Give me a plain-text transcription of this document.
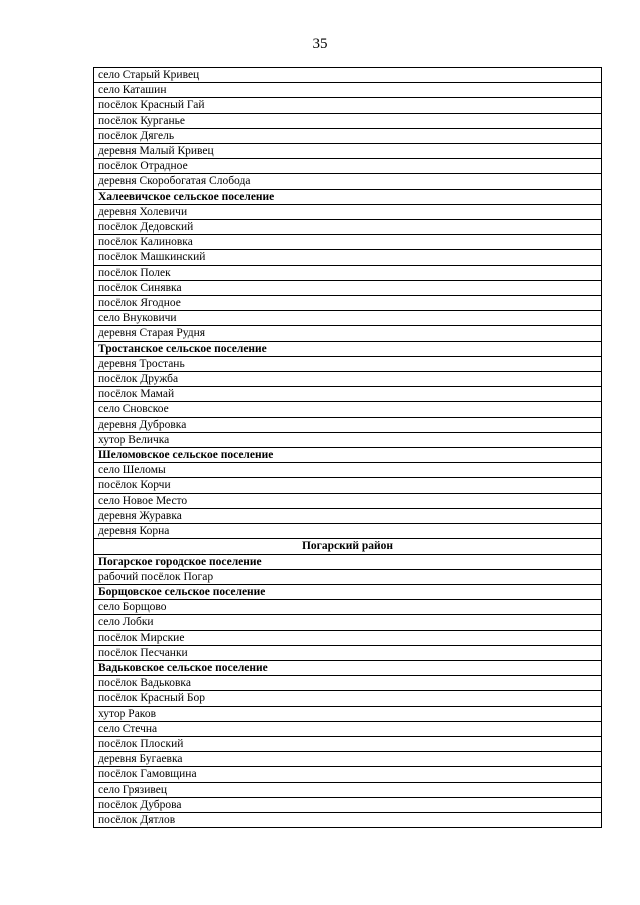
35
село Старый Кривец
село Каташин
посёлок Красный Гай
посёлок Курганье
посёлок Дягель
деревня Малый Кривец
посёлок Отрадное
деревня Скоробогатая Слобода
Халеевичское сельское поселение
деревня Холевичи
посёлок Дедовский
посёлок Калиновка
посёлок Машкинский
посёлок Полек
посёлок Синявка
посёлок Ягодное
село Внуковичи
деревня Старая Рудня
Тростанское сельское поселение
деревня Тростань
посёлок Дружба
посёлок Мамай
село Сновское
деревня Дубровка
хутор Величка
Шеломовское сельское поселение
село Шеломы
посёлок Корчи
село Новое Место
деревня Журавка
деревня Корна
Погарский район
Погарское городское поселение
рабочий посёлок Погар
Борщовское сельское поселение
село Борщово
село Лобки
посёлок Мирские
посёлок Песчанки
Вадьковское сельское поселение
посёлок Вадьковка
посёлок Красный Бор
хутор Раков
село Стечна
посёлок Плоский
деревня Бугаевка
посёлок Гамовщина
село Грязивец
посёлок Дуброва
посёлок Дятлов
